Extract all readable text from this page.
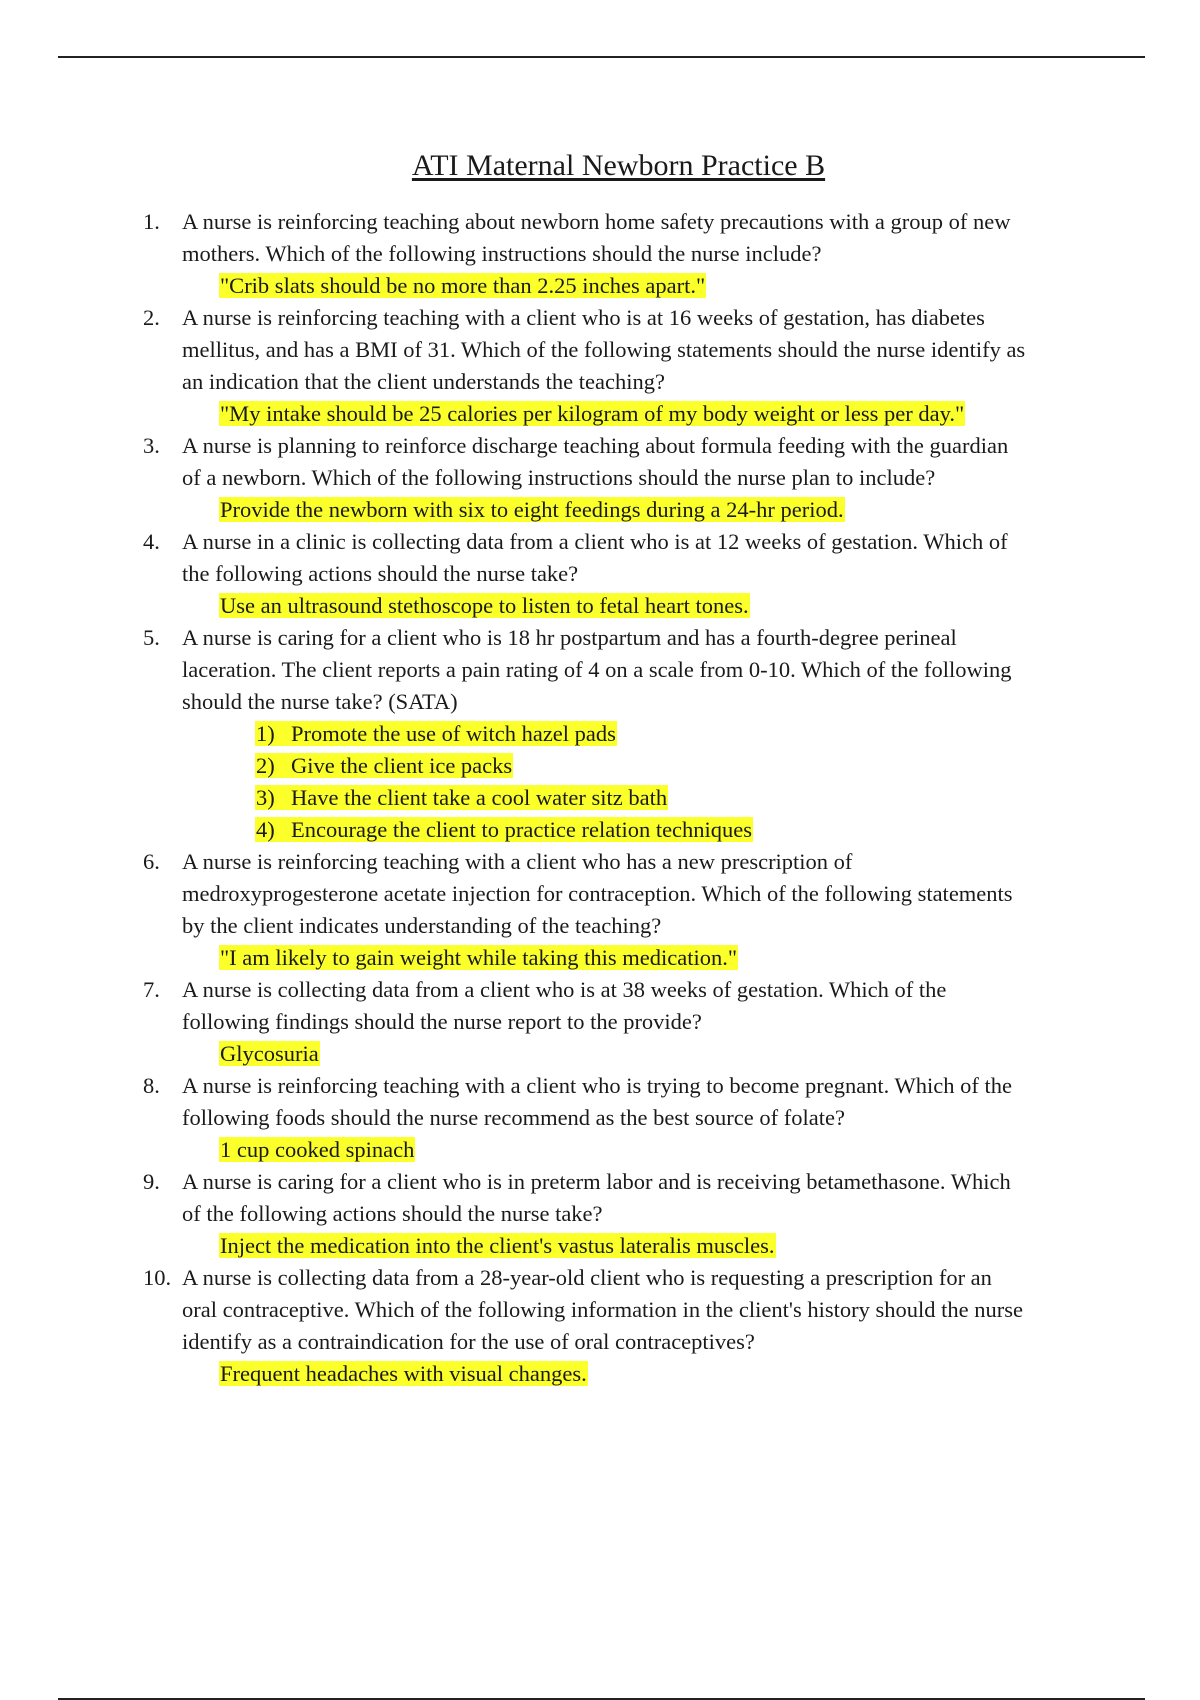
ATI Maternal Newborn Practice B
1. A nurse is reinforcing teaching about newborn home safety precautions with a group of new
mothers. Which of the following instructions should the nurse include?
"Crib slats should be no more than 2.25 inches apart."
2. A nurse is reinforcing teaching with a client who is at 16 weeks of gestation, has diabetes
mellitus, and has a BMI of 31. Which of the following statements should the nurse identify as
an indication that the client understands the teaching?
"My intake should be 25 calories per kilogram of my body weight or less per day."
3. A nurse is planning to reinforce discharge teaching about formula feeding with the guardian
of a newborn. Which of the following instructions should the nurse plan to include?
Provide the newborn with six to eight feedings during a 24-hr period.
4. A nurse in a clinic is collecting data from a client who is at 12 weeks of gestation. Which of
the following actions should the nurse take?
Use an ultrasound stethoscope to listen to fetal heart tones.
5. A nurse is caring for a client who is 18 hr postpartum and has a fourth-degree perineal
laceration. The client reports a pain rating of 4 on a scale from 0-10. Which of the following
should the nurse take? (SATA)
1) Promote the use of witch hazel pads
2) Give the client ice packs
3) Have the client take a cool water sitz bath
4) Encourage the client to practice relation techniques
6. A nurse is reinforcing teaching with a client who has a new prescription of
medroxyprogesterone acetate injection for contraception. Which of the following statements
by the client indicates understanding of the teaching?
"I am likely to gain weight while taking this medication."
7. A nurse is collecting data from a client who is at 38 weeks of gestation. Which of the
following findings should the nurse report to the provide?
Glycosuria
8. A nurse is reinforcing teaching with a client who is trying to become pregnant. Which of the
following foods should the nurse recommend as the best source of folate?
1 cup cooked spinach
9. A nurse is caring for a client who is in preterm labor and is receiving betamethasone. Which
of the following actions should the nurse take?
Inject the medication into the client's vastus lateralis muscles.
10. A nurse is collecting data from a 28-year-old client who is requesting a prescription for an
oral contraceptive. Which of the following information in the client's history should the nurse
identify as a contraindication for the use of oral contraceptives?
Frequent headaches with visual changes.
